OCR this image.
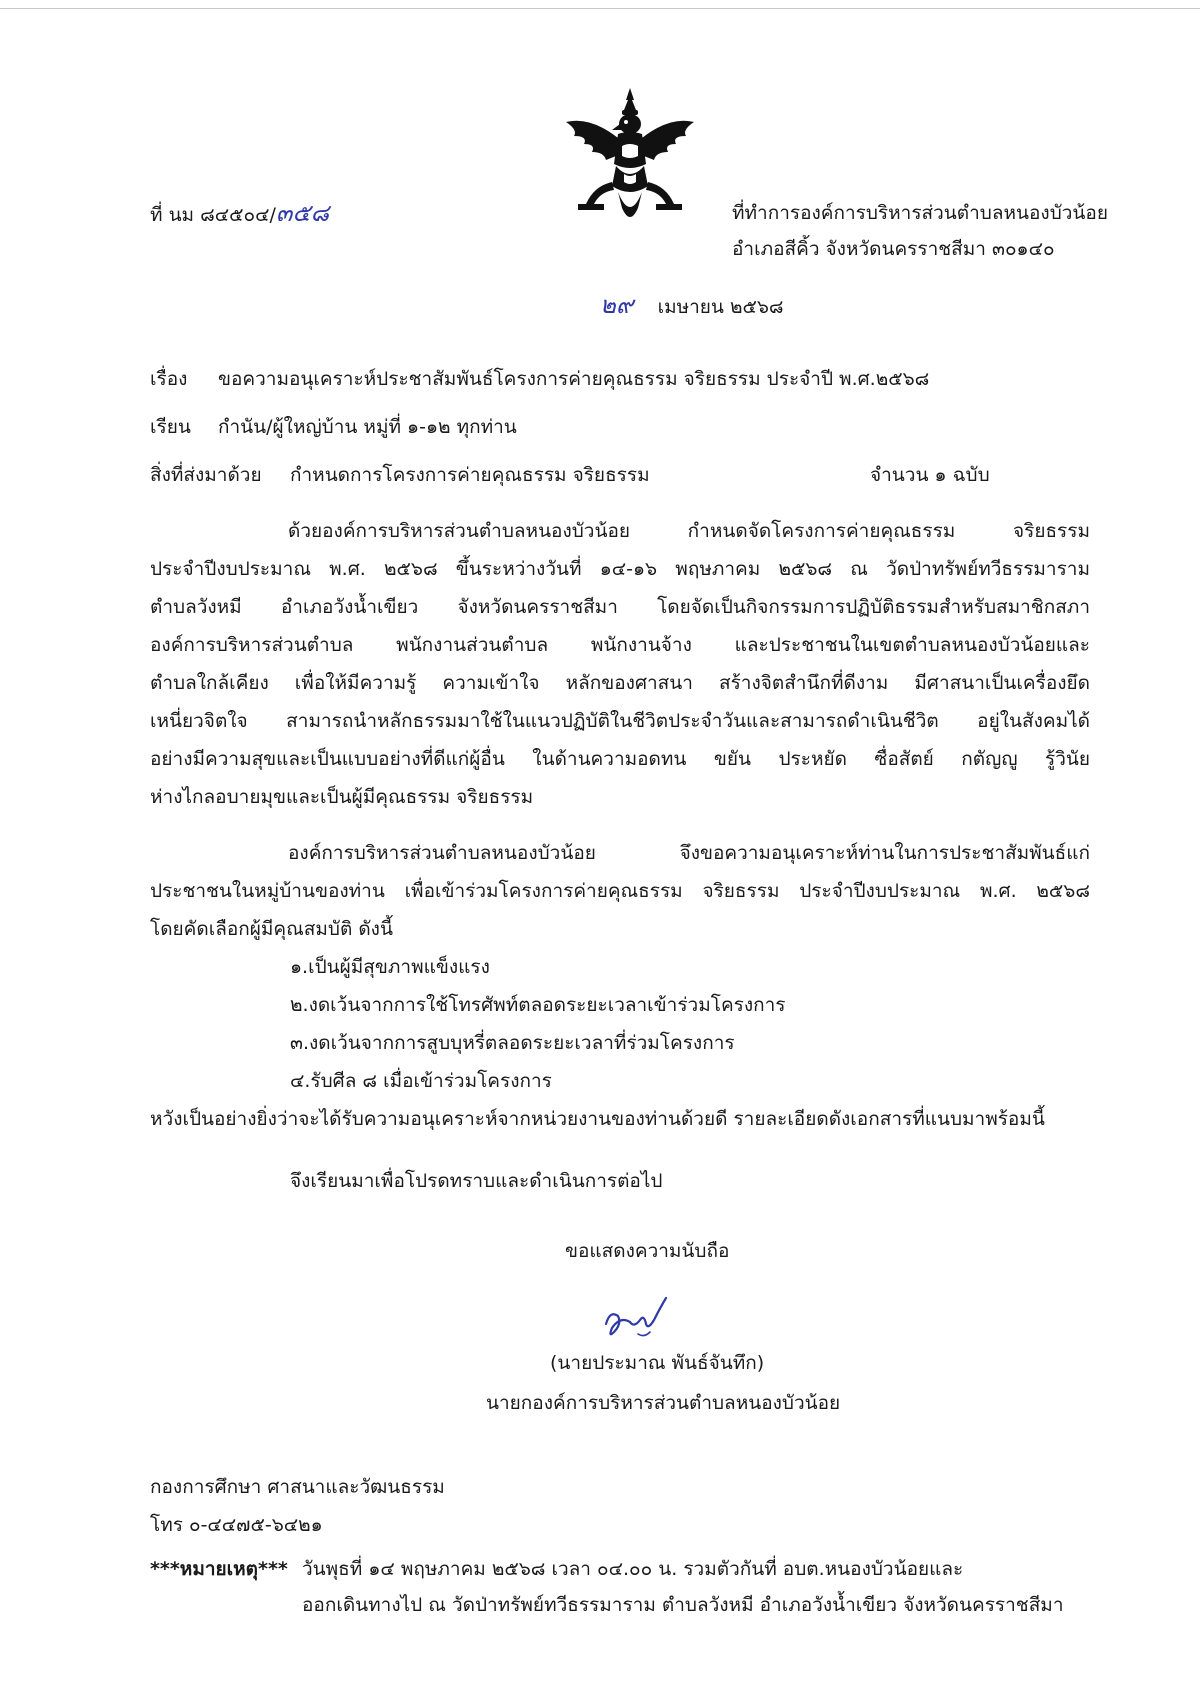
ที่ นม ๘๔๕๐๔/๓๕๘	ที่ทำการองค์การบริหารส่วนตำบลหนองบัวน้อย
อำเภอสีคิ้ว จังหวัดนครราชสีมา ๓๐๑๔๐
๒๙ เมษายน ๒๕๖๘
เรื่อง ขอความอนุเคราะห์ประชาสัมพันธ์โครงการค่ายคุณธรรม จริยธรรม ประจำปี พ.ศ.๒๕๖๘
เรียน กำนัน/ผู้ใหญ่บ้าน หมู่ที่ ๑-๑๒ ทุกท่าน
สิ่งที่ส่งมาด้วย กำหนดการโครงการค่ายคุณธรรม จริยธรรม	จำนวน ๑ ฉบับ
ด้วยองค์การบริหารส่วนตำบลหนองบัวน้อย กำหนดจัดโครงการค่ายคุณธรรม จริยธรรม
ประจำปีงบประมาณ พ.ศ. ๒๕๖๘ ขึ้นระหว่างวันที่ ๑๔-๑๖ พฤษภาคม ๒๕๖๘ ณ วัดป่าทรัพย์ทวีธรรมาราม
ตำบลวังหมี อำเภอวังน้ำเขียว จังหวัดนครราชสีมา โดยจัดเป็นกิจกรรมการปฏิบัติธรรมสำหรับสมาชิกสภา
องค์การบริหารส่วนตำบล พนักงานส่วนตำบล พนักงานจ้าง และประชาชนในเขตตำบลหนองบัวน้อยและ
ตำบลใกล้เคียง เพื่อให้มีความรู้ ความเข้าใจ หลักของศาสนา สร้างจิตสำนึกที่ดีงาม มีศาสนาเป็นเครื่องยึด
เหนี่ยวจิตใจ สามารถนำหลักธรรมมาใช้ในแนวปฏิบัติในชีวิตประจำวันและสามารถดำเนินชีวิต อยู่ในสังคมได้
อย่างมีความสุขและเป็นแบบอย่างที่ดีแก่ผู้อื่น ในด้านความอดทน ขยัน ประหยัด ซื่อสัตย์ กตัญญู รู้วินัย
ห่างไกลอบายมุขและเป็นผู้มีคุณธรรม จริยธรรม
องค์การบริหารส่วนตำบลหนองบัวน้อย จึงขอความอนุเคราะห์ท่านในการประชาสัมพันธ์แก่
ประชาชนในหมู่บ้านของท่าน เพื่อเข้าร่วมโครงการค่ายคุณธรรม จริยธรรม ประจำปีงบประมาณ พ.ศ. ๒๕๖๘
โดยคัดเลือกผู้มีคุณสมบัติ ดังนี้
๑.เป็นผู้มีสุขภาพแข็งแรง
๒.งดเว้นจากการใช้โทรศัพท์ตลอดระยะเวลาเข้าร่วมโครงการ
๓.งดเว้นจากการสูบบุหรี่ตลอดระยะเวลาที่ร่วมโครงการ
๔.รับศีล ๘ เมื่อเข้าร่วมโครงการ
หวังเป็นอย่างยิ่งว่าจะได้รับความอนุเคราะห์จากหน่วยงานของท่านด้วยดี รายละเอียดดังเอกสารที่แนบมาพร้อมนี้
จึงเรียนมาเพื่อโปรดทราบและดำเนินการต่อไป
ขอแสดงความนับถือ
(นายประมาณ พันธ์จันทึก)
นายกองค์การบริหารส่วนตำบลหนองบัวน้อย
กองการศึกษา ศาสนาและวัฒนธรรม
โทร ๐-๔๔๗๕-๖๔๒๑
***หมายเหตุ*** วันพุธที่ ๑๔ พฤษภาคม ๒๕๖๘ เวลา ๐๔.๐๐ น. รวมตัวกันที่ อบต.หนองบัวน้อยและ
ออกเดินทางไป ณ วัดป่าทรัพย์ทวีธรรมาราม ตำบลวังหมี อำเภอวังน้ำเขียว จังหวัดนครราชสีมา
